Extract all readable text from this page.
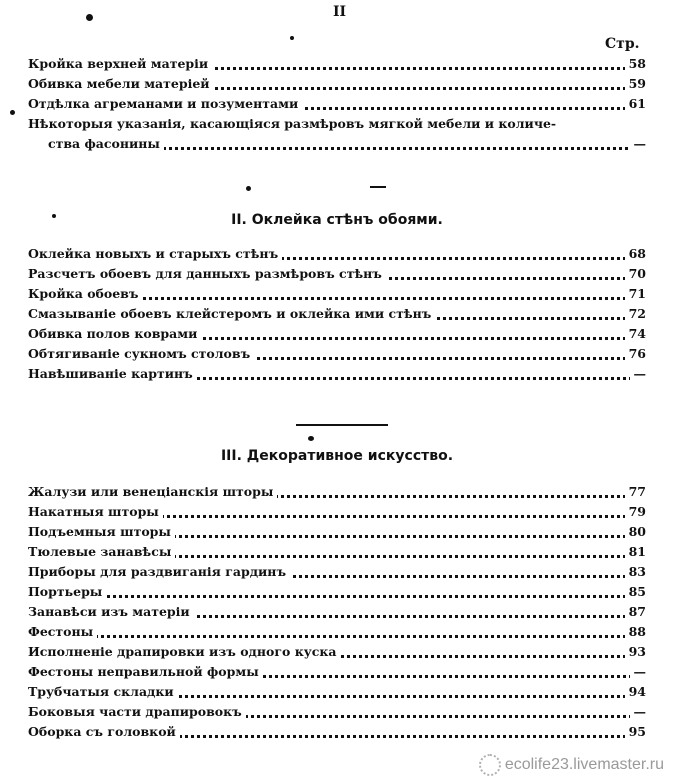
II
Стр.
Кройка верхней матеріи	58
Обивка мебели матеріей	59
Отдѣлка агреманами и позументами	61
Нѣкоторыя указанія, касающіяся размѣровъ мягкой мебели и количе-
ства фасонины	—
II. Оклейка стѣнъ обоями.
Оклейка новыхъ и старыхъ стѣнъ	68
Разсчетъ обоевъ для данныхъ размѣровъ стѣнъ	70
Кройка обоевъ	71
Смазываніе обоевъ клейстеромъ и оклейка ими стѣнъ	72
Обивка полов коврами	74
Обтягиваніе сукномъ столовъ	76
Навѣшиваніе картинъ	—
III. Декоративное искусство.
Жалузи или венеціанскія шторы	77
Накатныя шторы	79
Подъемныя шторы	80
Тюлевые занавѣсы	81
Приборы для раздвиганія гардинъ	83
Портьеры	85
Занавѣси изъ матеріи	87
Фестоны	88
Исполненіе драпировки изъ одного куска	93
Фестоны неправильной формы	—
Трубчатыя складки	94
Боковыя части драпировокъ	—
Оборка съ головкой	95
ecolife23.livemaster.ru
